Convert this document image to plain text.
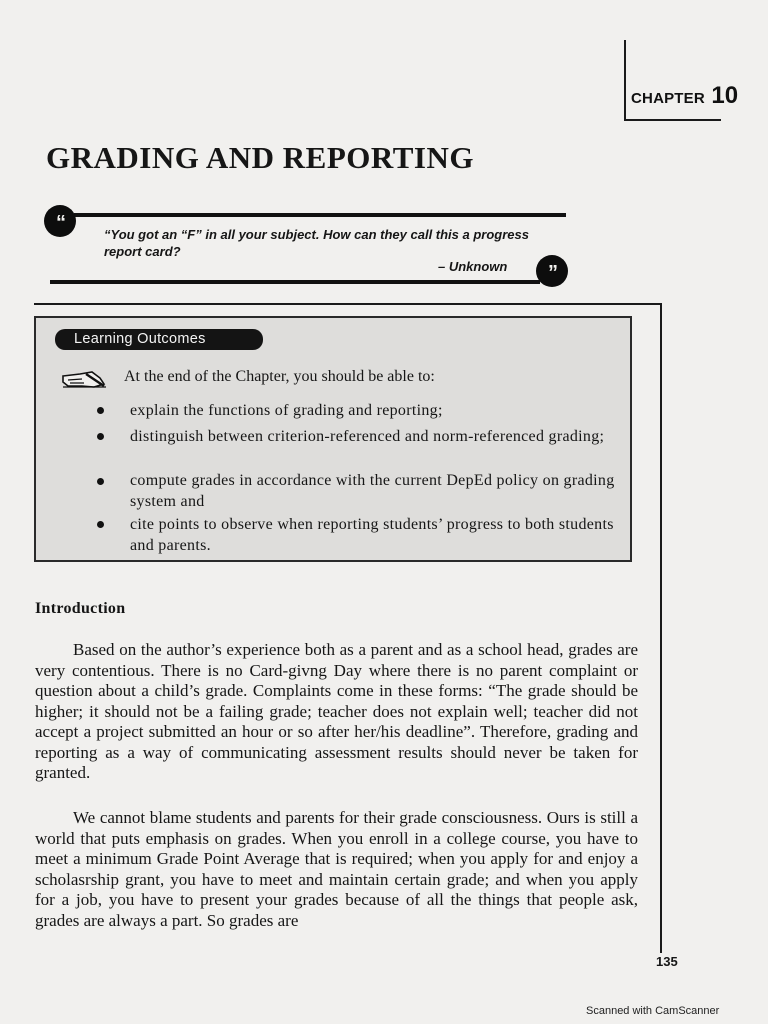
CHAPTER 10
GRADING AND REPORTING
“
“You got an “F” in all your subject. How can they call this a progress report card?
– Unknown	”
Learning Outcomes
At the end of the Chapter, you should be able to:
explain the functions of grading and reporting;
distinguish between criterion-referenced and norm-referenced grading;
compute grades in accordance with the current DepEd policy on grading system and
cite points to observe when reporting students’ progress to both students and parents.
Introduction

Based on the author’s experience both as a parent and as a school head, grades are very contentious. There is no Card-givng Day where there is no parent complaint or question about a child’s grade. Complaints come in these forms: “The grade should be higher; it should not be a failing grade; teacher does not explain well; teacher did not accept a project submitted an hour or so after her/his deadline”. Therefore, grading and reporting as a way of communicating assessment results should never be taken for granted.

We cannot blame students and parents for their grade consciousness. Ours is still a world that puts emphasis on grades. When you enroll in a college course, you have to meet a minimum Grade Point Average that is required; when you apply for and enjoy a scholasrship grant, you have to meet and maintain certain grade; and when you apply for a job, you have to present your grades because of all the things that people ask, grades are always a part. So grades are

135
Scanned with CamScanner
